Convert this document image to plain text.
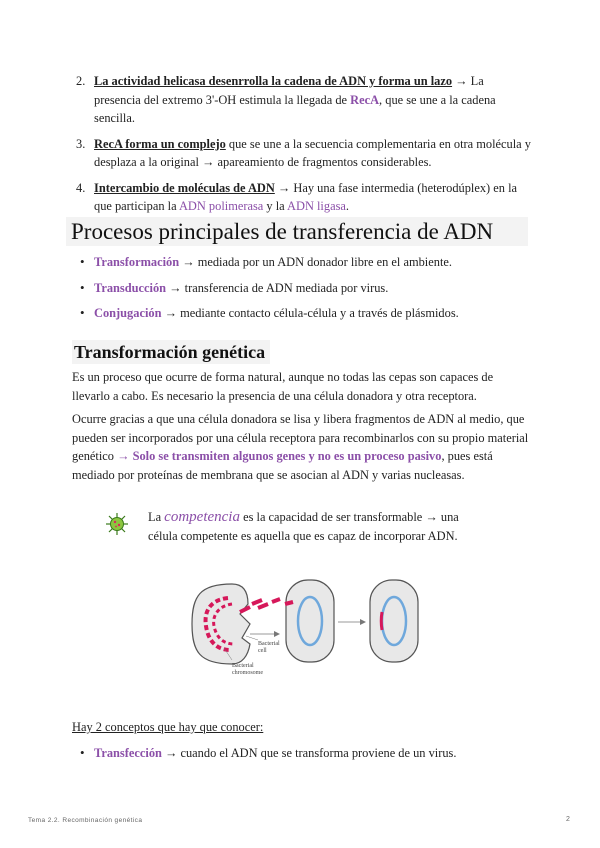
2. La actividad helicasa desenrrolla la cadena de ADN y forma un lazo → La presencia del extremo 3'-OH estimula la llegada de RecA, que se une a la cadena sencilla.
3. RecA forma un complejo que se une a la secuencia complementaria en otra molécula y desplaza a la original → apareamiento de fragmentos considerables.
4. Intercambio de moléculas de ADN → Hay una fase intermedia (heterodúplex) en la que participan la ADN polimerasa y la ADN ligasa.
Procesos principales de transferencia de ADN
• Transformación → mediada por un ADN donador libre en el ambiente.
• Transducción → transferencia de ADN mediada por virus.
• Conjugación → mediante contacto célula-célula y a través de plásmidos.
Transformación genética

Es un proceso que ocurre de forma natural, aunque no todas las cepas son capaces de llevarlo a cabo. Es necesario la presencia de una célula donadora y otra receptora.

Ocurre gracias a que una célula donadora se lisa y libera fragmentos de ADN al medio, que pueden ser incorporados por una célula receptora para recombinarlos con su propio material genético → Solo se transmiten algunos genes y no es un proceso pasivo, pues está mediado por proteínas de membrana que se asocian al ADN y varias nucleasas.

La competencia es la capacidad de ser transformable → una célula competente es aquella que es capaz de incorporar ADN.

Bacterial
cell
Bacterial
chromosome

Hay 2 conceptos que hay que conocer:

• Transfección → cuando el ADN que se transforma proviene de un virus.
Tema 2.2. Recombinación genética	2
